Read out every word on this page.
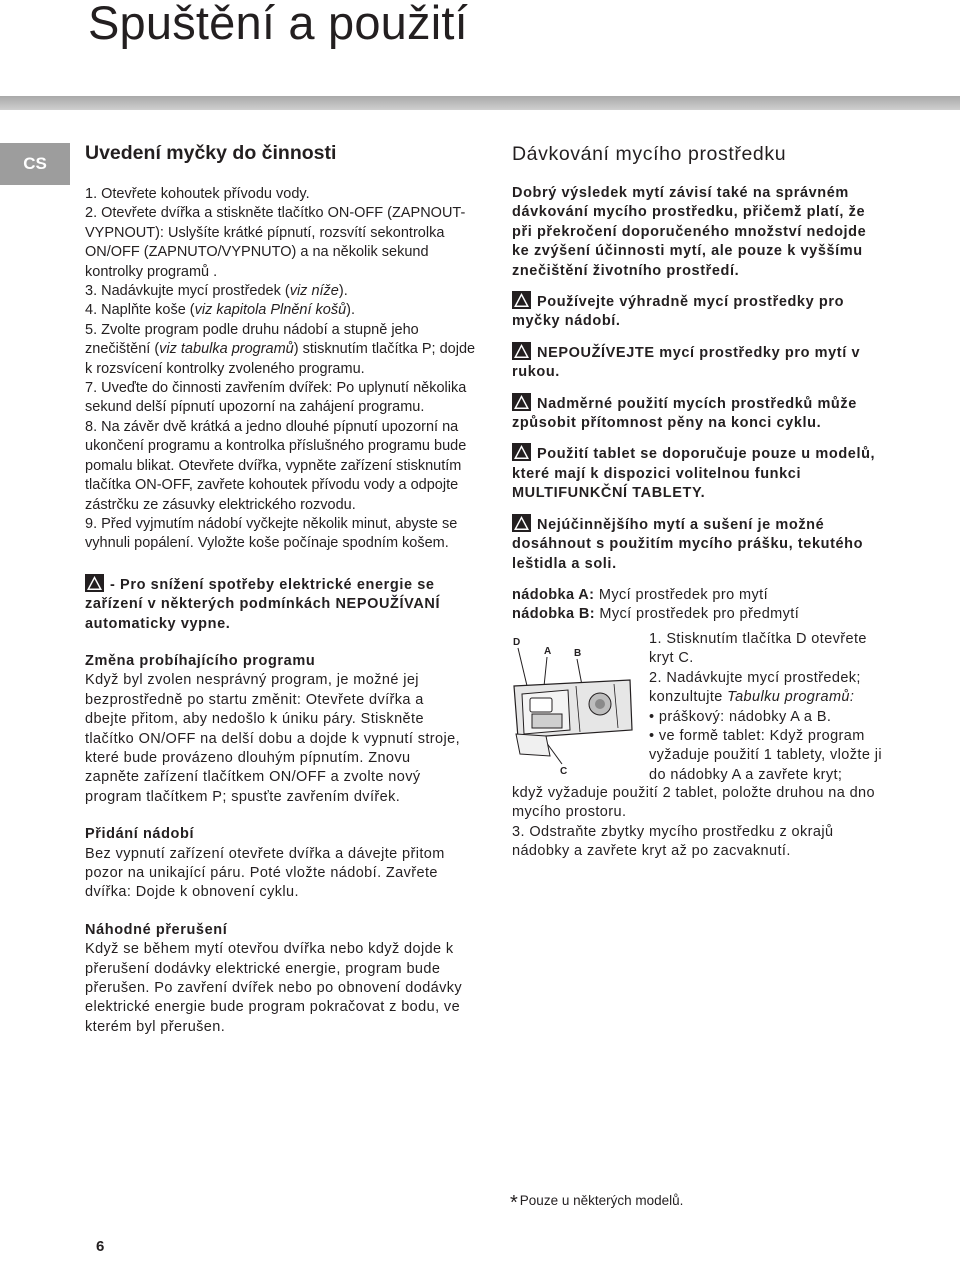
Spuštění a použití
CS	Uvedení myčky do činnosti

1. Otevřete kohoutek přívodu vody.

2. Otevřete dvířka a stiskněte tlačítko ON-OFF (ZAPNOUT-VYPNOUT): Uslyšíte krátké pípnutí, rozsvítí sekontrolka ON/OFF (ZAPNUTO/VYPNUTO) a na několik sekund kontrolky programů .

3. Nadávkujte mycí prostředek (viz níže).

4. Naplňte koše (viz kapitola Plnění košů).

5. Zvolte program podle druhu nádobí a stupně jeho znečištění (viz tabulka programů) stisknutím tlačítka P; dojde k rozsvícení kontrolky zvoleného programu.

7. Uveďte do činnosti zavřením dvířek: Po uplynutí několika sekund delší pípnutí upozorní na zahájení programu.

8. Na závěr dvě krátká a jedno dlouhé pípnutí upozorní na ukončení programu a kontrolka příslušného programu bude pomalu blikat. Otevřete dvířka, vypněte zařízení stisknutím tlačítka ON-OFF, zavřete kohoutek přívodu vody a odpojte zástrčku ze zásuvky elektrického rozvodu.

9. Před vyjmutím nádobí vyčkejte několik minut, abyste se vyhnuli popálení. Vyložte koše počínaje spodním košem.

- Pro snížení spotřeby elektrické energie se zařízení v některých podmínkách NEPOUŽÍVANÍ automaticky vypne.

Změna probíhajícího programu

Když byl zvolen nesprávný program, je možné jej bezprostředně po startu změnit: Otevřete dvířka a dbejte přitom, aby nedošlo k úniku páry. Stiskněte tlačítko ON/OFF na delší dobu a dojde k vypnutí stroje, které bude provázeno dlouhým pípnutím. Znovu zapněte zařízení tlačítkem ON/OFF a zvolte nový program tlačítkem P; spusťte zavřením dvířek.

Přidání nádobí

Bez vypnutí zařízení otevřete dvířka a dávejte přitom pozor na unikající páru. Poté vložte nádobí. Zavřete dvířka: Dojde k obnovení cyklu.

Náhodné přerušení

Když se během mytí otevřou dvířka nebo když dojde k přerušení dodávky elektrické energie, program bude přerušen. Po zavření dvířek nebo po obnovení dodávky elektrické energie bude program pokračovat z bodu, ve kterém byl přerušen.

Dávkování mycího prostředku

Dobrý výsledek mytí závisí také na správném dávkování mycího prostředku, přičemž platí, že při překročení doporučeného množství nedojde ke zvýšení účinnosti mytí, ale pouze k vyššímu znečištění životního prostředí.

Používejte výhradně mycí prostředky pro myčky nádobí.

NEPOUŽÍVEJTE mycí prostředky pro mytí v rukou.

Nadměrné použití mycích prostředků může způsobit přítomnost pěny na konci cyklu.

Použití tablet se doporučuje pouze u modelů, které mají k dispozici volitelnou funkci MULTIFUNKČNÍ TABLETY.

Nejúčinnějšího mytí a sušení je možné dosáhnout s použitím mycího prášku, tekutého leštidla a soli.

nádobka A: Mycí prostředek pro mytí

nádobka B: Mycí prostředek pro předmytí

D
A B
C

1. Stisknutím tlačítka D otevřete kryt C.

2. Nadávkujte mycí prostředek; konzultujte Tabulku programů:

• práškový: nádobky A a B.

• ve formě tablet: Když program vyžaduje použití 1 tablety, vložte ji do nádobky A a zavřete kryt;

když vyžaduje použití 2 tablet, položte druhou na dno mycího prostoru.

3. Odstraňte zbytky mycího prostředku z okrajů nádobky a zavřete kryt až po zacvaknutí.

* Pouze u některých modelů.
6
